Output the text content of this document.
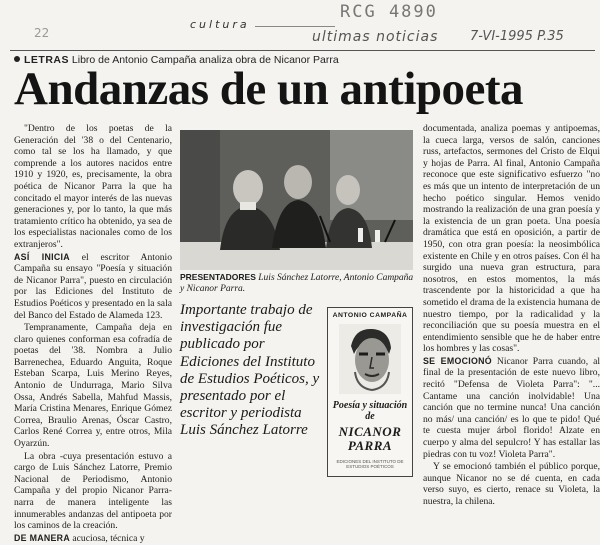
22
cultura
RCG 4890
ultimas noticias 7-VI-1995 P.35
LETRAS Libro de Antonio Campaña analiza obra de Nicanor Parra
Andanzas de un antipoeta

"Dentro de los poetas de la Generación del '38 o del Centenario, como tal se los ha llamado, y que comprende a los autores nacidos entre 1910 y 1920, es, precisamente, la obra poética de Nicanor Parra la que ha concitado el mayor interés de las nuevas generaciones y, por lo tanto, la que más tratamiento crítico ha obtenido, ya sea de los especialistas nacionales como de los extranjeros".

ASÍ INICIA el escritor Antonio Campaña su ensayo "Poesía y situación de Nicanor Parra", puesto en circulación por las Ediciones del Instituto de Estudios Poéticos y presentado en la sala del Banco del Estado de Alameda 123.

Tempranamente, Campaña deja en claro quienes conforman esa cofradía de poetas del '38. Nombra a Julio Barrenechea, Eduardo Anguita, Roque Esteban Scarpa, Luis Merino Reyes, Antonio de Undurraga, Mario Silva Ossa, Andrés Sabella, Mahfud Massis, María Cristina Menares, Enrique Gómez Correa, Braulio Arenas, Óscar Castro, Carlos René Correa y, entre otros, Mila Oyarzún.

La obra -cuya presentación estuvo a cargo de Luis Sánchez Latorre, Premio Nacional de Periodismo, Antonio Campaña y del propio Nicanor Parra- narra de manera inteligente las innumerables andanzas del antipoeta por los caminos de la creación.

DE MANERA acuciosa, técnica y

PRESENTADORES Luis Sánchez Latorre, Antonio Campaña y Nicanor Parra.
Importante trabajo de investigación fue publicado por Ediciones del Instituto de Estudios Poéticos, y presentado por el escritor y periodista Luis Sánchez Latorre
ANTONIO CAMPAÑA
Poesía y situación de
NICANOR PARRA
EDICIONES DEL INSTITUTO DE ESTUDIOS POÉTICOS

documentada, analiza poemas y antipoemas, la cueca larga, versos de salón, canciones russ, artefactos, sermones del Cristo de Elqui y hojas de Parra. Al final, Antonio Campaña reconoce que este significativo esfuerzo "no es más que un intento de interpretación de un hecho poético singular. Hemos venido mostrando la realización de una gran poesía y la existencia de un gran poeta. Una poesía dramática que está en oposición, a partir de 1950, con otra gran poesía: la neosimbólica existente en Chile y en otros países. Con él ha surgido una nueva gran estructura, para nosotros, en estos momentos, la más trascendente por la historicidad a que ha sometido el drama de la existencia humana de nuestro tiempo, por la radicalidad y la reconciliación que su poesía muestra en el entendimiento sensible que he de haber entre los hombres y las cosas".

SE EMOCIONÓ Nicanor Parra cuando, al final de la presentación de este nuevo libro, recitó "Defensa de Violeta Parra": "... Cantame una canción inolvidable! Una canción que no termine nunca! Una canción no más/ una canción/ es lo que te pido! Qué te cuesta mujer árbol florido! Alzate en cuerpo y alma del sepulcro! Y has estallar las piedras con tu voz! Violeta Parra".

Y se emocionó también el público porque, aunque Nicanor no se dé cuenta, en cada verso suyo, es cierto, renace su Violeta, la nuestra, la chilena.
